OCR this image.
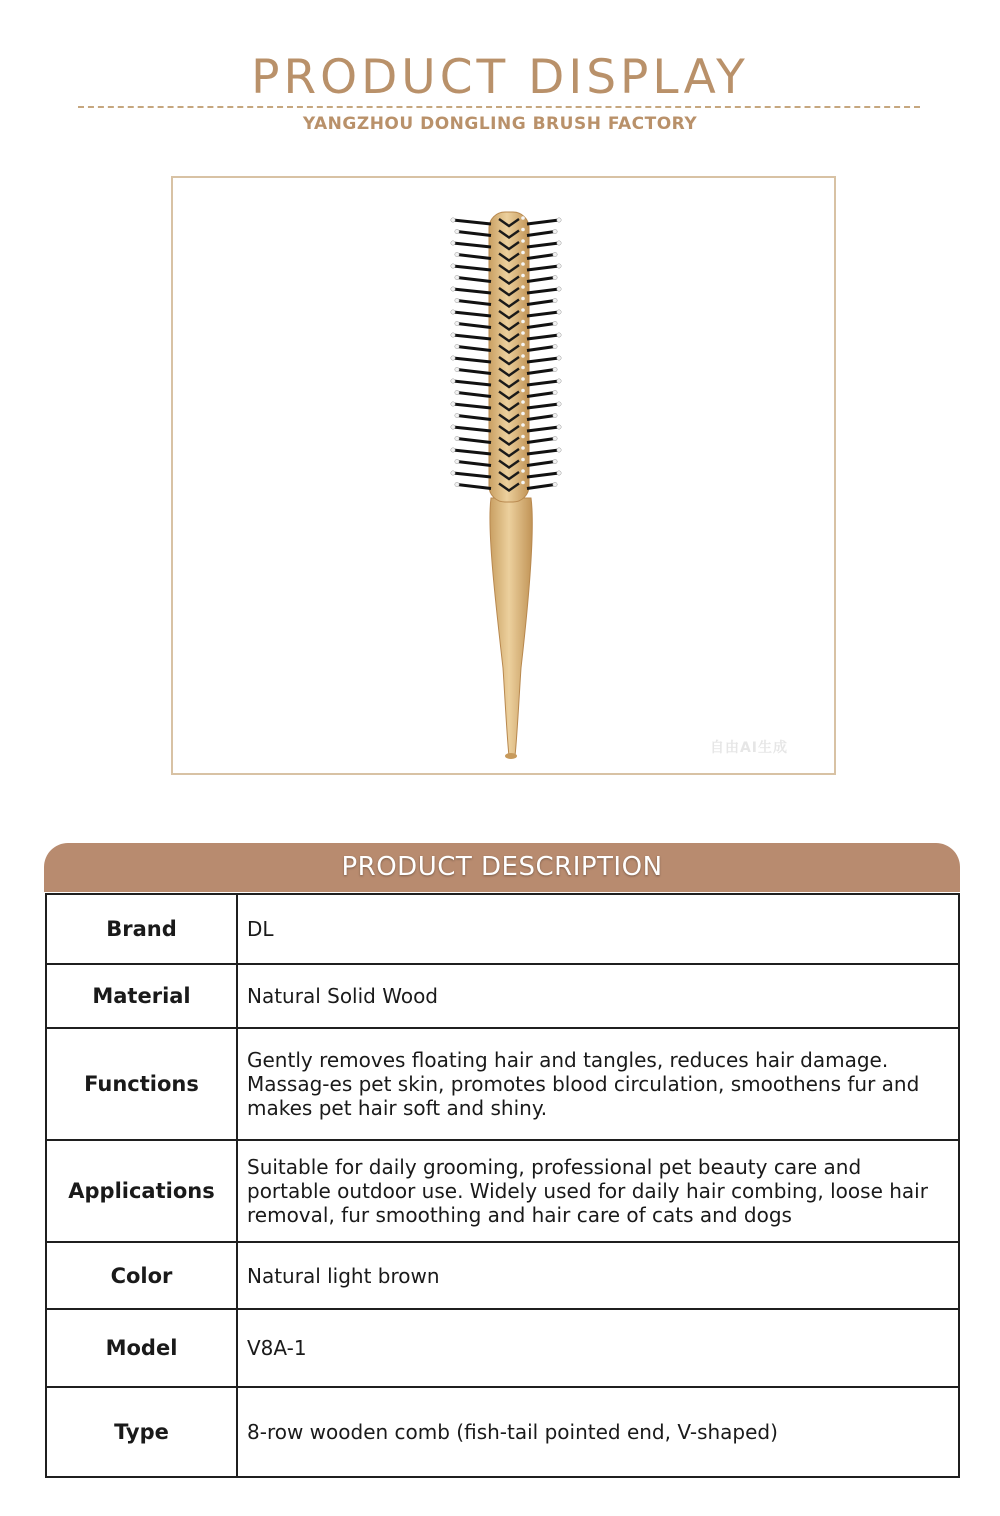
PRODUCT DISPLAY
YANGZHOU DONGLING BRUSH FACTORY
自由AI生成
PRODUCT DESCRIPTION
Brand	DL
Material	Natural Solid Wood
Functions	Gently removes floating hair and tangles, reduces hair damage. Massag-es pet skin, promotes blood circulation, smoothens fur and makes pet hair soft and shiny.
Applications	Suitable for daily grooming, professional pet beauty care and portable outdoor use. Widely used for daily hair combing, loose hair removal, fur smoothing and hair care of cats and dogs
Color	Natural light brown
Model	V8A-1
Type	8-row wooden comb (fish-tail pointed end, V-shaped)
